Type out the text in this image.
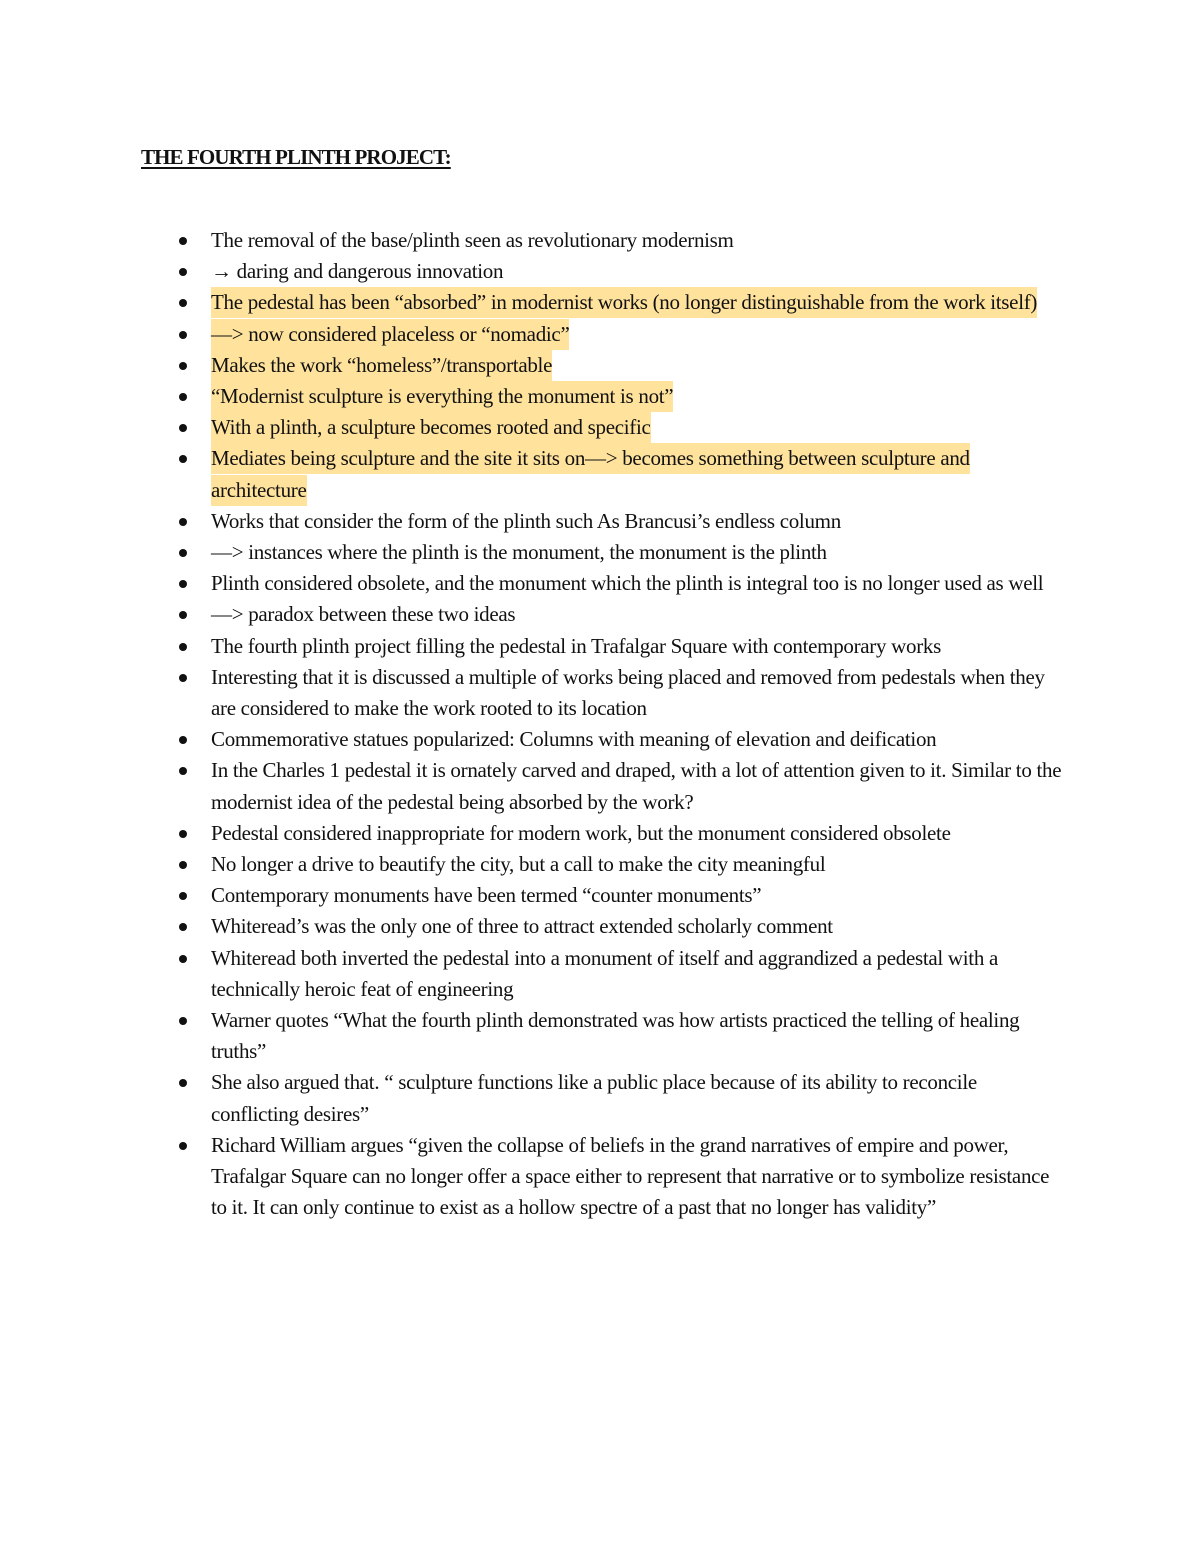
THE FOURTH PLINTH PROJECT:
The removal of the base/plinth seen as revolutionary modernism
→ daring and dangerous innovation
The pedestal has been “absorbed” in modernist works (no longer distinguishable from the work itself)
—> now considered placeless or “nomadic”
Makes the work “homeless”/transportable
“Modernist sculpture is everything the monument is not”
With a plinth, a sculpture becomes rooted and specific
Mediates being sculpture and the site it sits on—> becomes something between sculpture and architecture
Works that consider the form of the plinth such As Brancusi’s endless column
—> instances where the plinth is the monument, the monument is the plinth
Plinth considered obsolete, and the monument which the plinth is integral too is no longer used as well
—> paradox between these two ideas
The fourth plinth project filling the pedestal in Trafalgar Square with contemporary works
Interesting that it is discussed a multiple of works being placed and removed from pedestals when they are considered to make the work rooted to its location
Commemorative statues popularized: Columns with meaning of elevation and deification
In the Charles 1 pedestal it is ornately carved and draped, with a lot of attention given to it. Similar to the modernist idea of the pedestal being absorbed by the work?
Pedestal considered inappropriate for modern work, but the monument considered obsolete
No longer a drive to beautify the city, but a call to make the city meaningful
Contemporary monuments have been termed “counter monuments”
Whiteread’s was the only one of three to attract extended scholarly comment
Whiteread both inverted the pedestal into a monument of itself and aggrandized a pedestal with a technically heroic feat of engineering
Warner quotes “What the fourth plinth demonstrated was how artists practiced the telling of healing truths”
She also argued that. “ sculpture functions like a public place because of its ability to reconcile conflicting desires”
Richard William argues “given the collapse of beliefs in the grand narratives of empire and power, Trafalgar Square can no longer offer a space either to represent that narrative or to symbolize resistance to it. It can only continue to exist as a hollow spectre of a past that no longer has validity”
